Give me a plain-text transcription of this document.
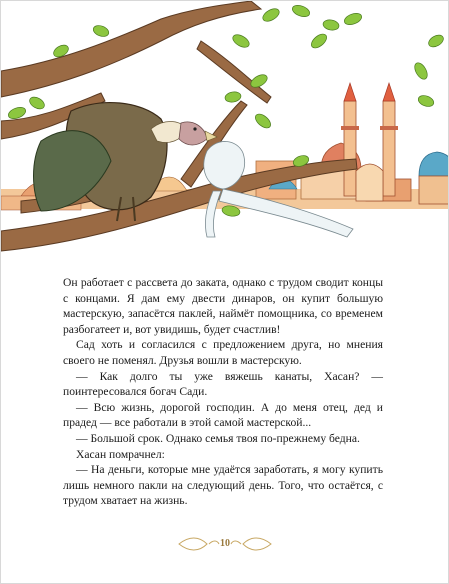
Он работает с рассвета до заката, однако с трудом сводит концы с концами. Я дам ему двести динаров, он купит большую мастерскую, запасётся паклей, наймёт помощника, со временем разбогатеет и, вот увидишь, будет счастлив!

Сад хоть и согласился с предложением друга, но мнения своего не поменял. Друзья вошли в мастерскую.

— Как долго ты уже вяжешь канаты, Хасан? — поинтересовался богач Сади.

— Всю жизнь, дорогой господин. А до меня отец, дед и прадед — все работали в этой самой мастерской...

— Большой срок. Однако семья твоя по-прежнему бедна.

Хасан помрачнел:

— На деньги, которые мне удаётся заработать, я могу купить лишь немного пакли на следующий день. Того, что остаётся, с трудом хватает на жизнь.

10
